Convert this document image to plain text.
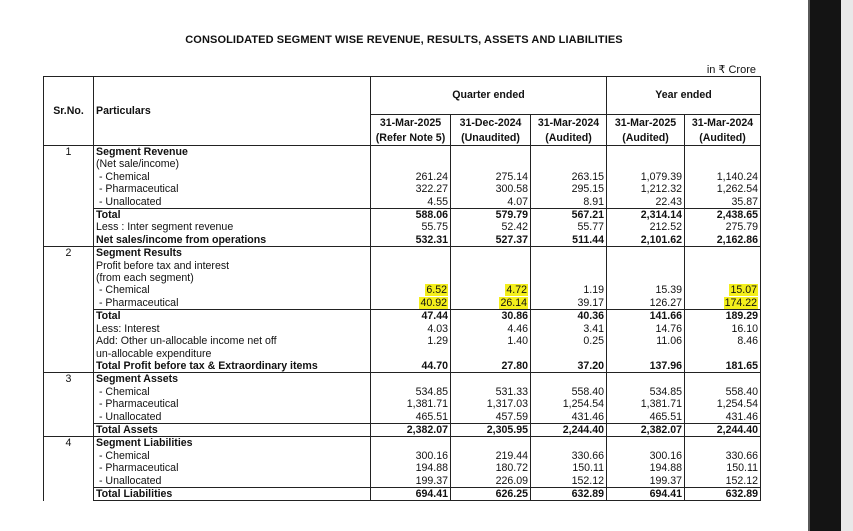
CONSOLIDATED SEGMENT WISE REVENUE, RESULTS, ASSETS AND LIABILITIES
in ₹ Crore
Sr.No.	Particulars	Quarter ended			Year ended	
		31-Mar-2025	31-Dec-2024	31-Mar-2024	31-Mar-2025	31-Mar-2024
		(Refer Note 5)	(Unaudited)	(Audited)	(Audited)	(Audited)
1	Segment Revenue					
	(Net sale/income)					
	- Chemical	261.24	275.14	263.15	1,079.39	1,140.24
	- Pharmaceutical	322.27	300.58	295.15	1,212.32	1,262.54
	- Unallocated	4.55	4.07	8.91	22.43	35.87
	Total	588.06	579.79	567.21	2,314.14	2,438.65
	Less : Inter segment revenue	55.75	52.42	55.77	212.52	275.79
	Net sales/income from operations	532.31	527.37	511.44	2,101.62	2,162.86
2	Segment Results					
	Profit before tax and interest					
	(from each segment)					
	- Chemical	6.52	4.72	1.19	15.39	15.07
	- Pharmaceutical	40.92	26.14	39.17	126.27	174.22
	Total	47.44	30.86	40.36	141.66	189.29
	Less: Interest	4.03	4.46	3.41	14.76	16.10
	Add: Other un-allocable income net off
un-allocable expenditure	1.29	1.40	0.25	11.06	8.46
	Total Profit before tax & Extraordinary items	44.70	27.80	37.20	137.96	181.65
3	Segment Assets					
	- Chemical	534.85	531.33	558.40	534.85	558.40
	- Pharmaceutical	1,381.71	1,317.03	1,254.54	1,381.71	1,254.54
	- Unallocated	465.51	457.59	431.46	465.51	431.46
	Total Assets	2,382.07	2,305.95	2,244.40	2,382.07	2,244.40
4	Segment Liabilities					
	- Chemical	300.16	219.44	330.66	300.16	330.66
	- Pharmaceutical	194.88	180.72	150.11	194.88	150.11
	- Unallocated	199.37	226.09	152.12	199.37	152.12
	Total Liabilities	694.41	626.25	632.89	694.41	632.89
